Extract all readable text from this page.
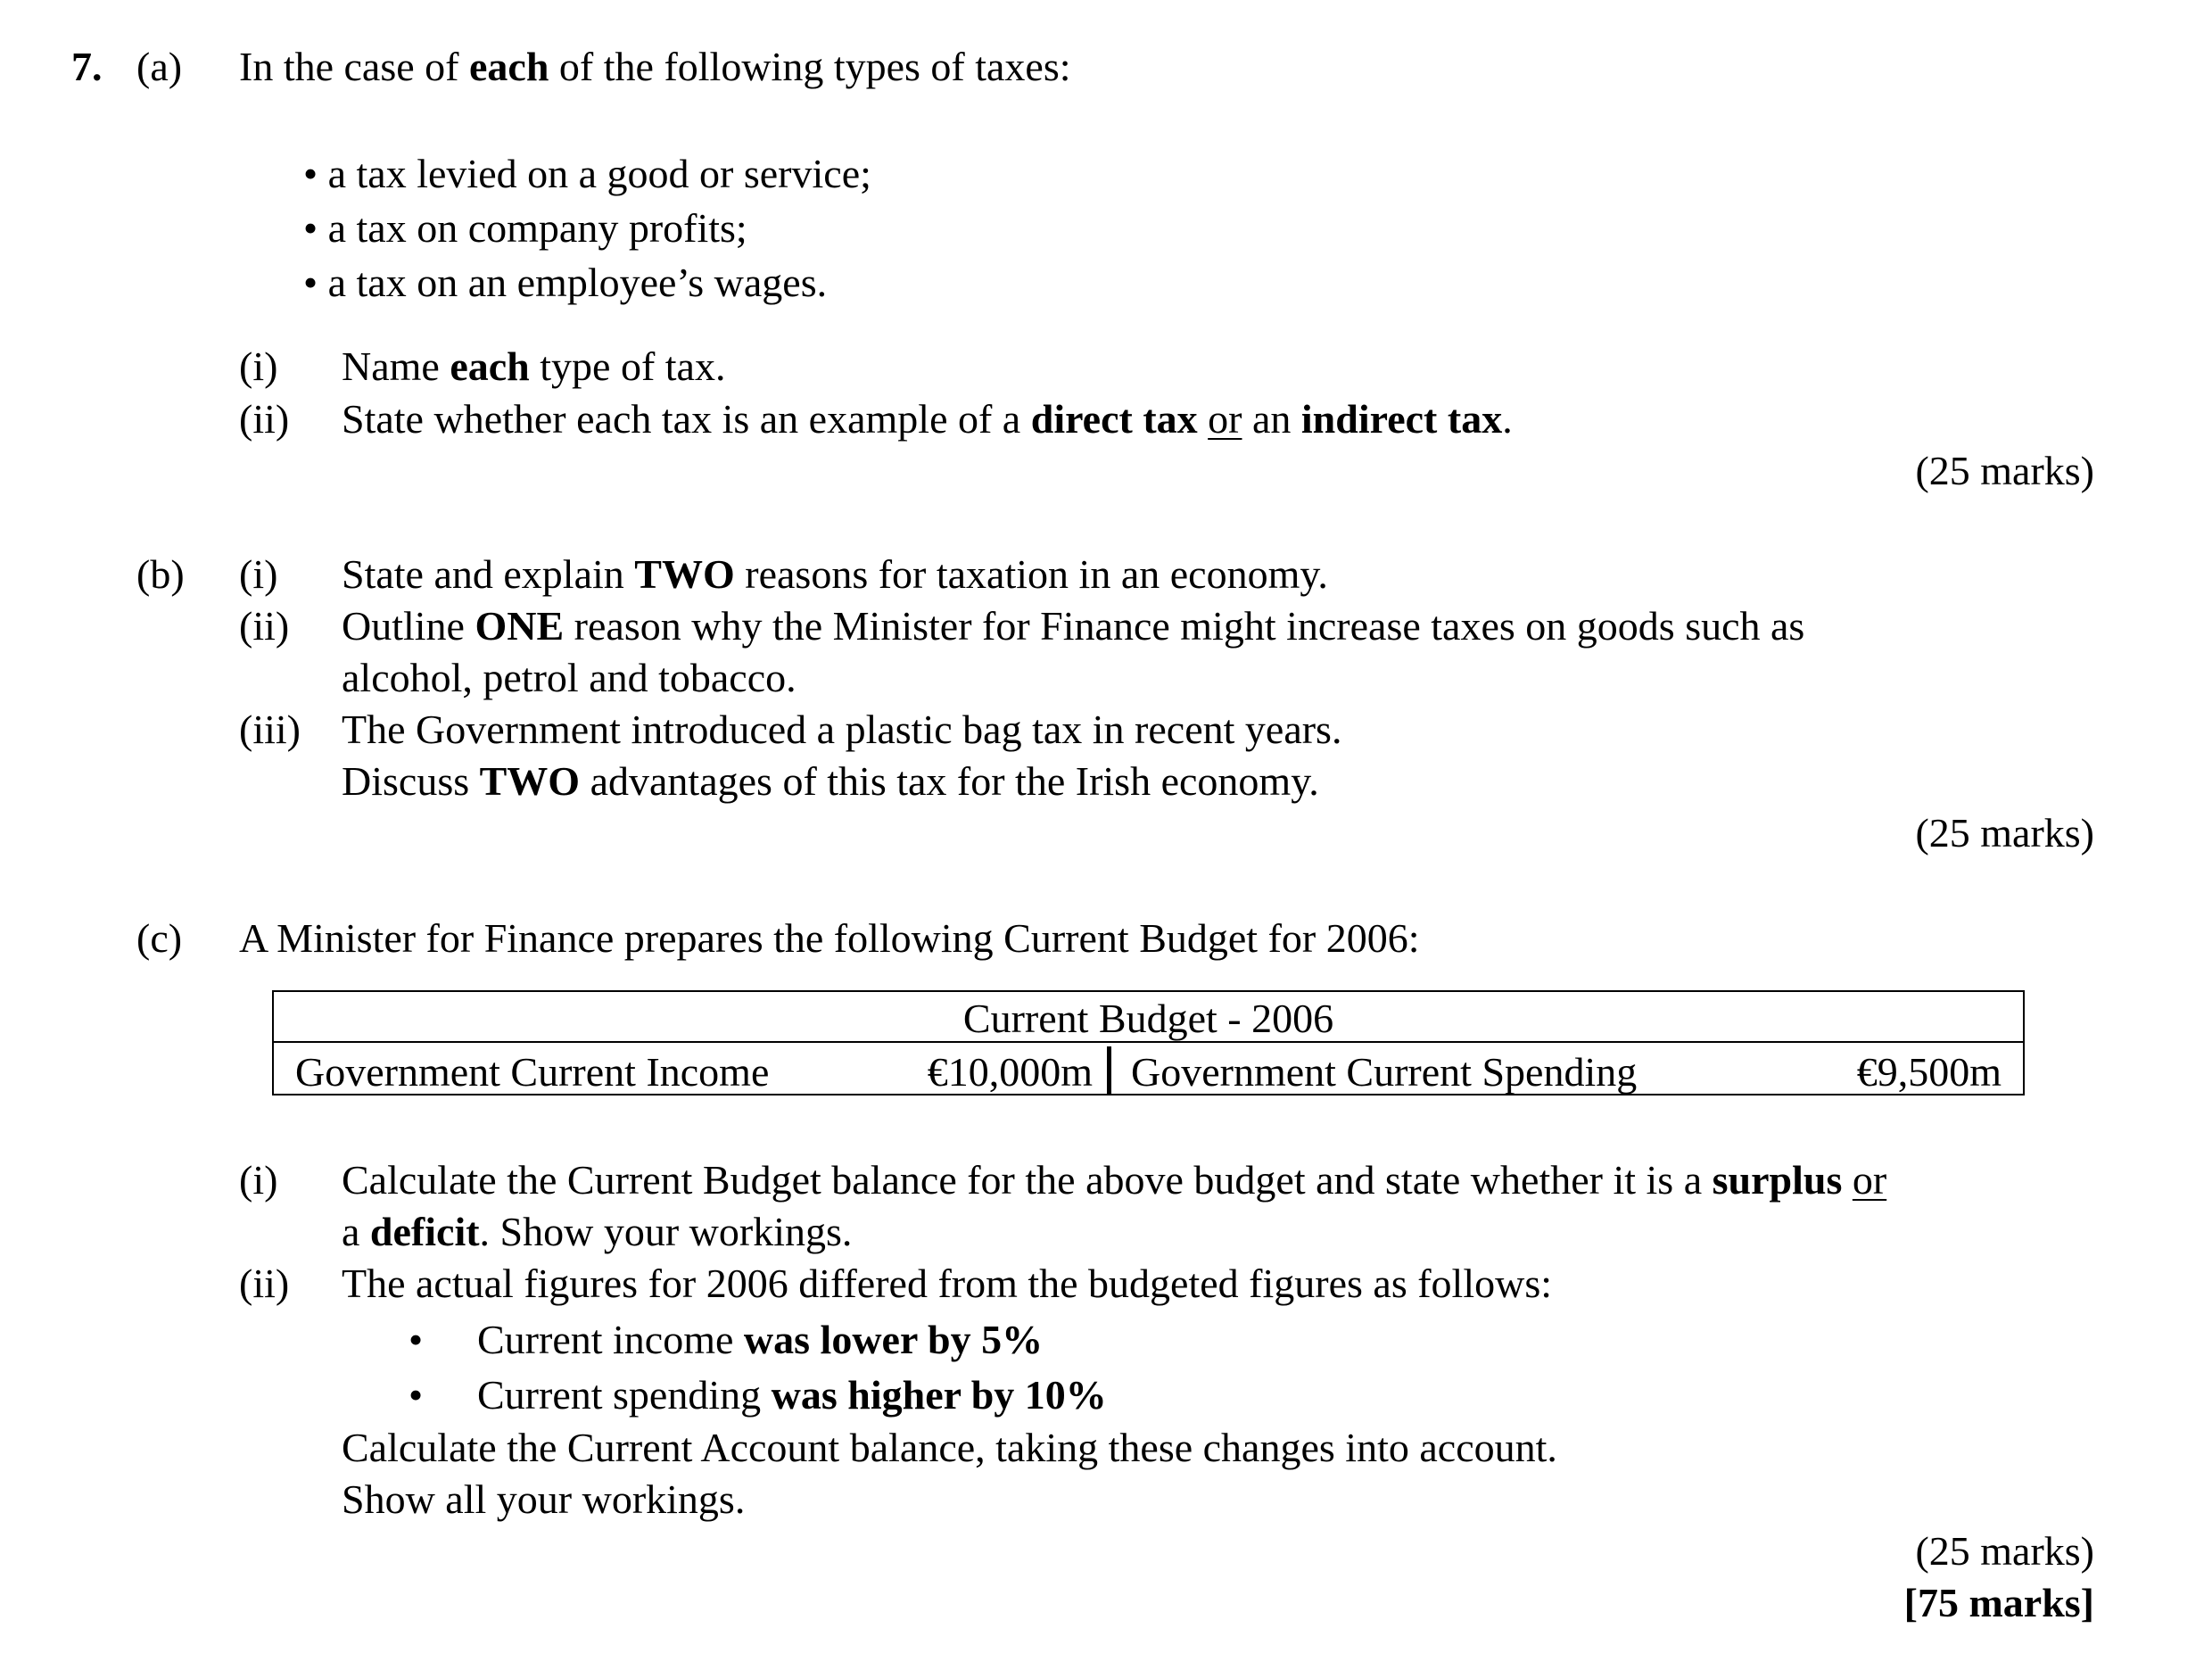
7. (a) In the case of each of the following types of taxes:
• a tax levied on a good or service;
• a tax on company profits;
• a tax on an employee’s wages.
(i) Name each type of tax.
(ii) State whether each tax is an example of a direct tax or an indirect tax.
(25 marks)
(b) (i) State and explain TWO reasons for taxation in an economy.
(ii) Outline ONE reason why the Minister for Finance might increase taxes on goods such as
alcohol, petrol and tobacco.
(iii) The Government introduced a plastic bag tax in recent years.
Discuss TWO advantages of this tax for the Irish economy.
(25 marks)
(c) A Minister for Finance prepares the following Current Budget for 2006:
Current Budget - 2006
Government Current Income	€10,000m Government Current Spending	€9,500m
(i) Calculate the Current Budget balance for the above budget and state whether it is a surplus or
a deficit. Show your workings.
(ii) The actual figures for 2006 differed from the budgeted figures as follows:
• Current income was lower by 5%
• Current spending was higher by 10%
Calculate the Current Account balance, taking these changes into account.
Show all your workings.
(25 marks)
[75 marks]
